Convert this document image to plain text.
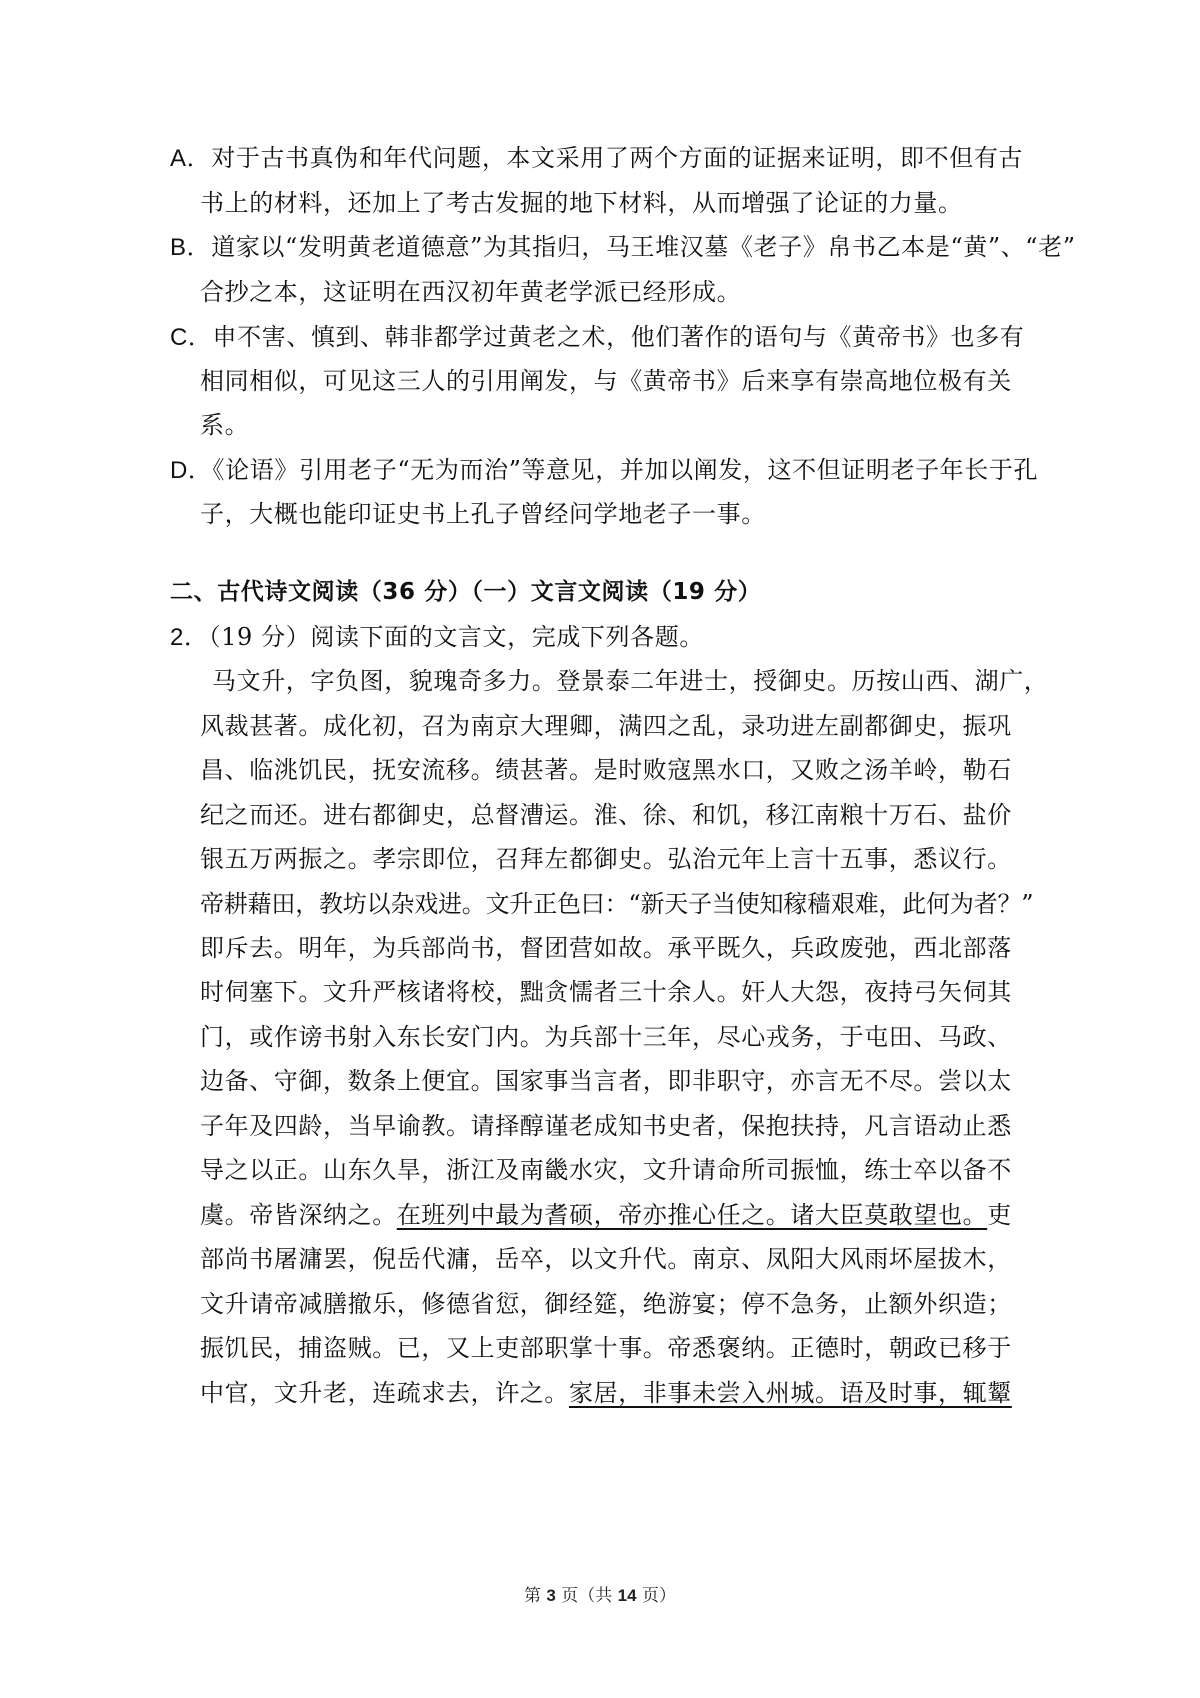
A．对于古书真伪和年代问题，本文采用了两个方面的证据来证明，即不但有古
书上的材料，还加上了考古发掘的地下材料，从而增强了论证的力量。
B．道家以“发明黄老道德意”为其指归，马王堆汉墓《老子》帛书乙本是“黄”、“老”
合抄之本，这证明在西汉初年黄老学派已经形成。
C．申不害、慎到、韩非都学过黄老之术，他们著作的语句与《黄帝书》也多有
相同相似，可见这三人的引用阐发，与《黄帝书》后来享有崇高地位极有关
系。
D．《论语》引用老子“无为而治”等意见，并加以阐发，这不但证明老子年长于孔
子，大概也能印证史书上孔子曾经问学地老子一事。
二、古代诗文阅读（36 分）（一）文言文阅读（19 分）
2．（19 分）阅读下面的文言文，完成下列各题。
马文升，字负图，貌瑰奇多力。登景泰二年进士，授御史。历按山西、湖广，
风裁甚著。成化初，召为南京大理卿，满四之乱，录功进左副都御史，振巩
昌、临洮饥民，抚安流移。绩甚著。是时败寇黑水口，又败之汤羊岭，勒石
纪之而还。进右都御史，总督漕运。淮、徐、和饥，移江南粮十万石、盐价
银五万两振之。孝宗即位，召拜左都御史。弘治元年上言十五事，悉议行。
帝耕藉田，教坊以杂戏进。文升正色曰：“新天子当使知稼穑艰难，此何为者？”
即斥去。明年，为兵部尚书，督团营如故。承平既久，兵政废弛，西北部落
时伺塞下。文升严核诸将校，黜贪懦者三十余人。奸人大怨，夜持弓矢伺其
门，或作谤书射入东长安门内。为兵部十三年，尽心戎务，于屯田、马政、
边备、守御，数条上便宜。国家事当言者，即非职守，亦言无不尽。尝以太
子年及四龄，当早谕教。请择醇谨老成知书史者，保抱扶持，凡言语动止悉
导之以正。山东久旱，浙江及南畿水灾，文升请命所司振恤，练士卒以备不
虞。帝皆深纳之。在班列中最为耆硕，帝亦推心任之。诸大臣莫敢望也。吏
部尚书屠滽罢，倪岳代滽，岳卒，以文升代。南京、凤阳大风雨坏屋拔木，
文升请帝减膳撤乐，修德省愆，御经筵，绝游宴；停不急务，止额外织造；
振饥民，捕盗贼。已，又上吏部职掌十事。帝悉褒纳。正德时，朝政已移于
中官，文升老，连疏求去，许之。家居，非事未尝入州城。语及时事，辄颦
第 3 页（共 14 页）
